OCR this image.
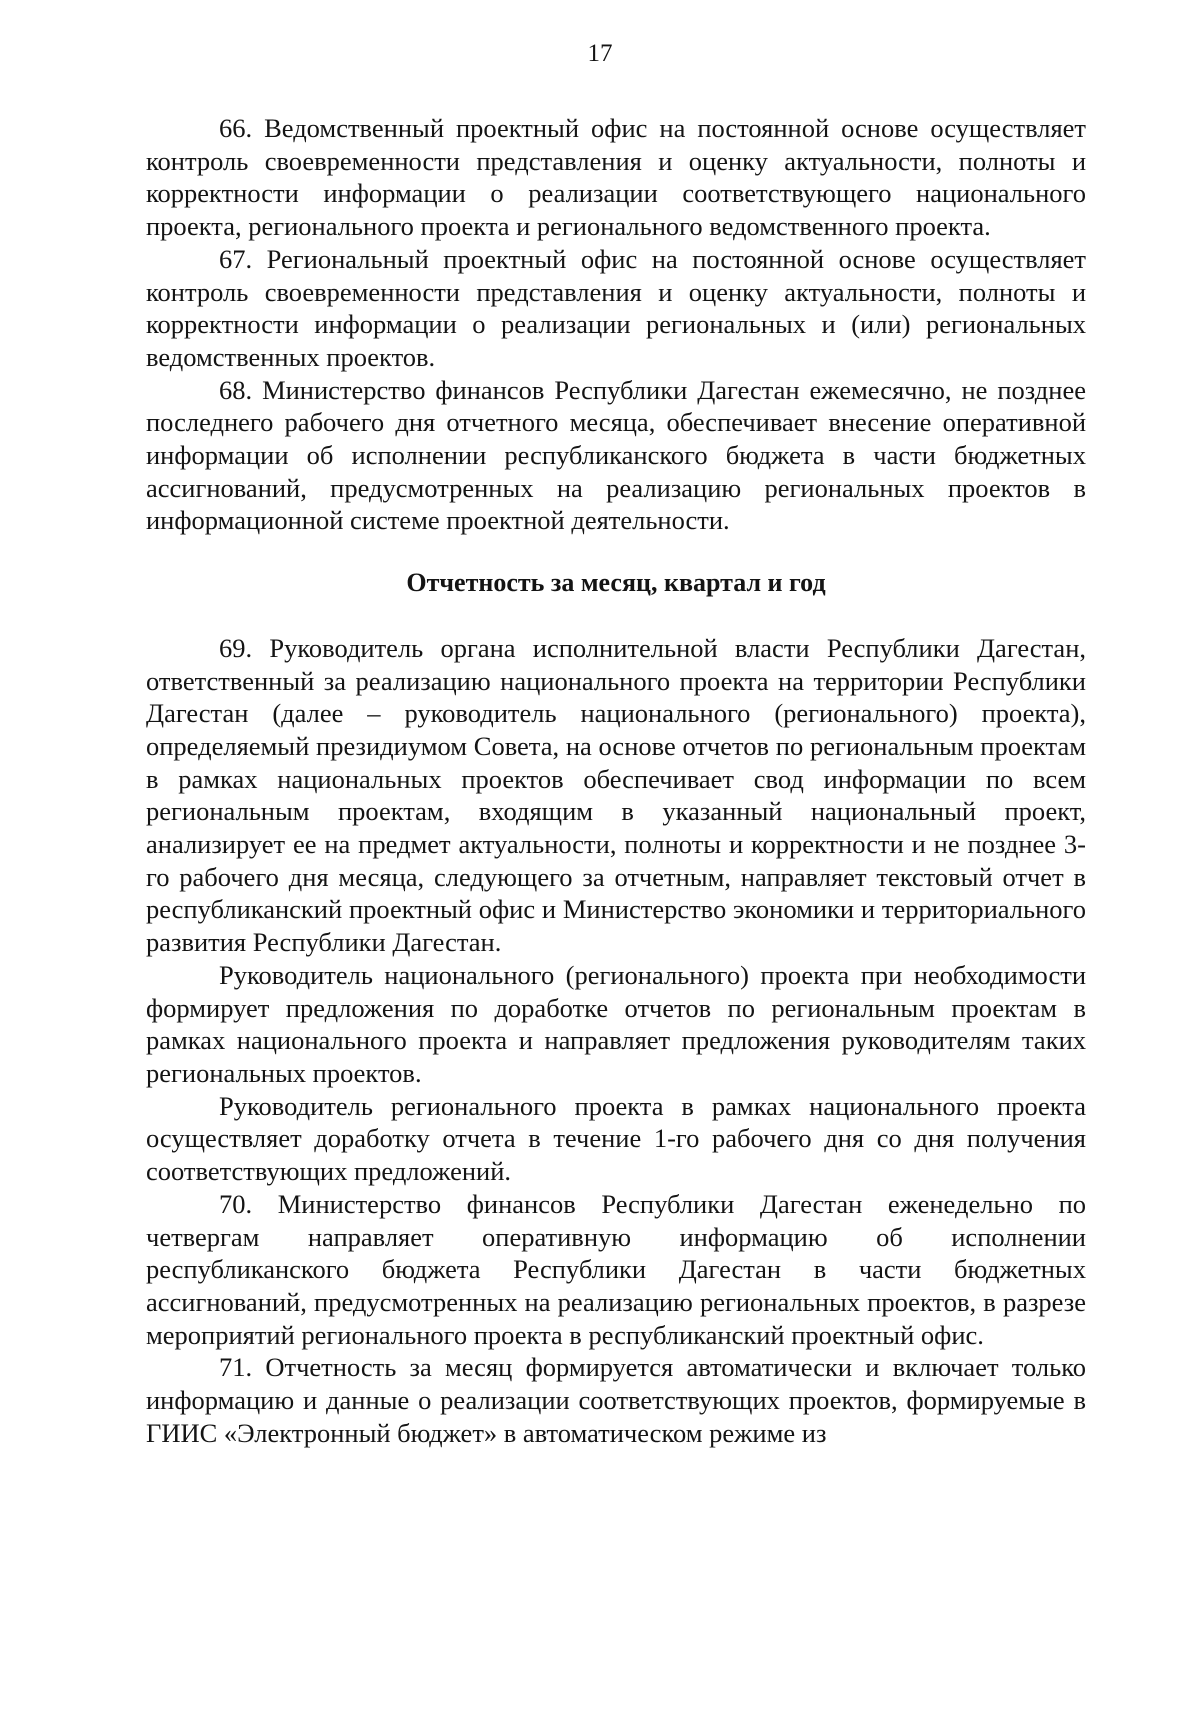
17

66. Ведомственный проектный офис на постоянной основе осуществляет контроль своевременности представления и оценку актуальности, полноты и корректности информации о реализации соответствующего национального проекта, регионального проекта и регионального ведомственного проекта.

67. Региональный проектный офис на постоянной основе осуществляет контроль своевременности представления и оценку актуальности, полноты и корректности информации о реализации региональных и (или) региональных ведомственных проектов.

68. Министерство финансов Республики Дагестан ежемесячно, не позднее последнего рабочего дня отчетного месяца, обеспечивает внесение оперативной информации об исполнении республиканского бюджета в части бюджетных ассигнований, предусмотренных на реализацию региональных проектов в информационной системе проектной деятельности.

Отчетность за месяц, квартал и год

69. Руководитель органа исполнительной власти Республики Дагестан, ответственный за реализацию национального проекта на территории Республики Дагестан (далее – руководитель национального (регионального) проекта), определяемый президиумом Совета, на основе отчетов по региональным проектам в рамках национальных проектов обеспечивает свод информации по всем региональным проектам, входящим в указанный национальный проект, анализирует ее на предмет актуальности, полноты и корректности и не позднее 3-го рабочего дня месяца, следующего за отчетным, направляет текстовый отчет в республиканский проектный офис и Министерство экономики и территориального развития Республики Дагестан.

Руководитель национального (регионального) проекта при необходимости формирует предложения по доработке отчетов по региональным проектам в рамках национального проекта и направляет предложения руководителям таких региональных проектов.

Руководитель регионального проекта в рамках национального проекта осуществляет доработку отчета в течение 1-го рабочего дня со дня получения соответствующих предложений.

70. Министерство финансов Республики Дагестан еженедельно по четвергам направляет оперативную информацию об исполнении республиканского бюджета Республики Дагестан в части бюджетных ассигнований, предусмотренных на реализацию региональных проектов, в разрезе мероприятий регионального проекта в республиканский проектный офис.

71. Отчетность за месяц формируется автоматически и включает только информацию и данные о реализации соответствующих проектов, формируемые в ГИИС «Электронный бюджет» в автоматическом режиме из
